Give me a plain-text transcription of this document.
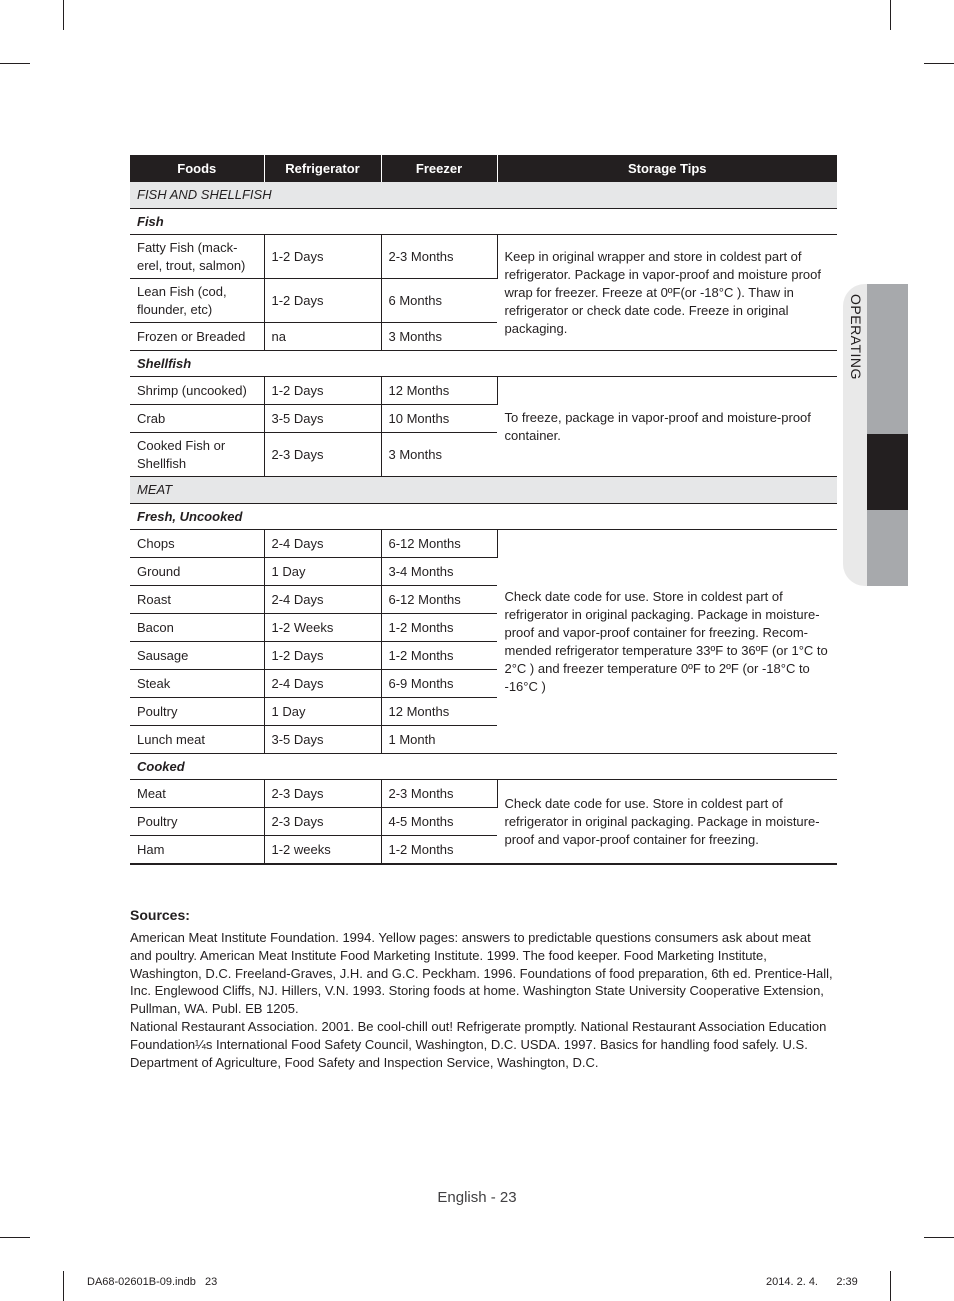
OPERATING
Foods	Refrigerator	Freezer	Storage Tips
FISH AND SHELLFISH			
Fish			
Fatty Fish (mack-erel, trout, salmon)	1-2 Days	2-3 Months	Keep in original wrapper and store in coldest part of refrigerator. Package in vapor-proof and moisture proof wrap for freezer. Freeze at 0ºF(or -18°C ). Thaw in refrigerator or check date code. Freeze in original packaging.
Lean Fish (cod, flounder, etc)	1-2 Days	6 Months	
Frozen or Breaded	na	3 Months	
Shellfish			
Shrimp (uncooked)	1-2 Days	12 Months	To freeze, package in vapor-proof and moisture-proof container.
Crab	3-5 Days	10 Months	
Cooked Fish or Shellfish	2-3 Days	3 Months	
MEAT			
Fresh, Uncooked			
Chops	2-4 Days	6-12 Months	Check date code for use. Store in coldest part of refrigerator in original packaging. Package in moisture-proof and vapor-proof container for freezing. Recom-mended refrigerator temperature 33ºF to 36ºF (or 1°C to 2°C ) and freezer temperature 0ºF to 2ºF (or -18°C to -16°C )
Ground	1 Day	3-4 Months	
Roast	2-4 Days	6-12 Months	
Bacon	1-2 Weeks	1-2 Months	
Sausage	1-2 Days	1-2 Months	
Steak	2-4 Days	6-9 Months	
Poultry	1 Day	12 Months	
Lunch meat	3-5 Days	1 Month	
Cooked			
Meat	2-3 Days	2-3 Months	Check date code for use. Store in coldest part of refrigerator in original packaging. Package in moisture-proof and vapor-proof container for freezing.
Poultry	2-3 Days	4-5 Months	
Ham	1-2 weeks	1-2 Months	
Sources:

American Meat Institute Foundation. 1994. Yellow pages: answers to predictable questions consumers ask about meat and poultry. American Meat Institute Food Marketing Institute. 1999. The food keeper. Food Marketing Institute, Washington, D.C. Freeland-Graves, J.H. and G.C. Peckham. 1996. Foundations of food preparation, 6th ed. Prentice-Hall, Inc. Englewood Cliffs, NJ. Hillers, V.N. 1993. Storing foods at home. Washington State University Cooperative Extension, Pullman, WA. Publ. EB 1205.

National Restaurant Association. 2001. Be cool-chill out! Refrigerate promptly. National Restaurant Association Education Foundation¼s International Food Safety Council, Washington, D.C. USDA. 1997. Basics for handling food safely. U.S. Department of Agriculture, Food Safety and Inspection Service, Washington, D.C.

English - 23
DA68-02601B-09.indb   23	2014. 2. 4.      2:39
